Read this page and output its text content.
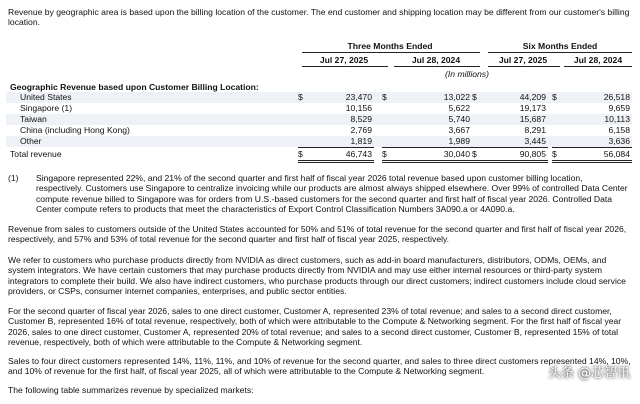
Revenue by geographic area is based upon the billing location of the customer. The end customer and shipping location may be different from our customer's billing location.

Three Months Ended	Six Months Ended
Jul 27, 2025	Jul 28, 2024	Jul 27, 2025	Jul 28, 2024
(In millions)
Geographic Revenue based upon Customer Billing Location:
United States	$	23,470 $	13,022 $	44,209 $	26,518
Singapore (1)	10,156	5,622	19,173	9,659
Taiwan	8,529	5,740	15,687	10,113
China (including Hong Kong)	2,769	3,667	8,291	6,158
Other	1,819	1,989	3,445	3,636
Total revenue	$	46,743 $	30,040 $	90,805 $	56,084
(1) Singapore represented 22%, and 21% of the second quarter and first half of fiscal year 2026 total revenue based upon customer billing location, respectively. Customers use Singapore to centralize invoicing while our products are almost always shipped elsewhere. Over 99% of controlled Data Center compute revenue billed to Singapore was for orders from U.S.-based customers for the second quarter and first half of fiscal year 2026. Controlled Data Center compute refers to products that meet the characteristics of Export Control Classification Numbers 3A090.a or 4A090.a.

Revenue from sales to customers outside of the United States accounted for 50% and 51% of total revenue for the second quarter and first half of fiscal year 2026, respectively, and 57% and 53% of total revenue for the second quarter and first half of fiscal year 2025, respectively.

We refer to customers who purchase products directly from NVIDIA as direct customers, such as add-in board manufacturers, distributors, ODMs, OEMs, and system integrators. We have certain customers that may purchase products directly from NVIDIA and may use either internal resources or third-party system integrators to complete their build. We also have indirect customers, who purchase products through our direct customers; indirect customers include cloud service providers, or CSPs, consumer internet companies, enterprises, and public sector entities.

For the second quarter of fiscal year 2026, sales to one direct customer, Customer A, represented 23% of total revenue; and sales to a second direct customer, Customer B, represented 16% of total revenue, respectively, both of which were attributable to the Compute & Networking segment. For the first half of fiscal year 2026, sales to one direct customer, Customer A, represented 20% of total revenue; and sales to a second direct customer, Customer B, represented 15% of total revenue, respectively, both of which were attributable to the Compute & Networking segment.

Sales to four direct customers represented 14%, 11%, 11%, and 10% of revenue for the second quarter, and sales to three direct customers represented 14%, 10%, and 10% of revenue for the first half, of fiscal year 2025, all of which were attributable to the Compute & Networking segment.

The following table summarizes revenue by specialized markets:

头条 @芯智讯
